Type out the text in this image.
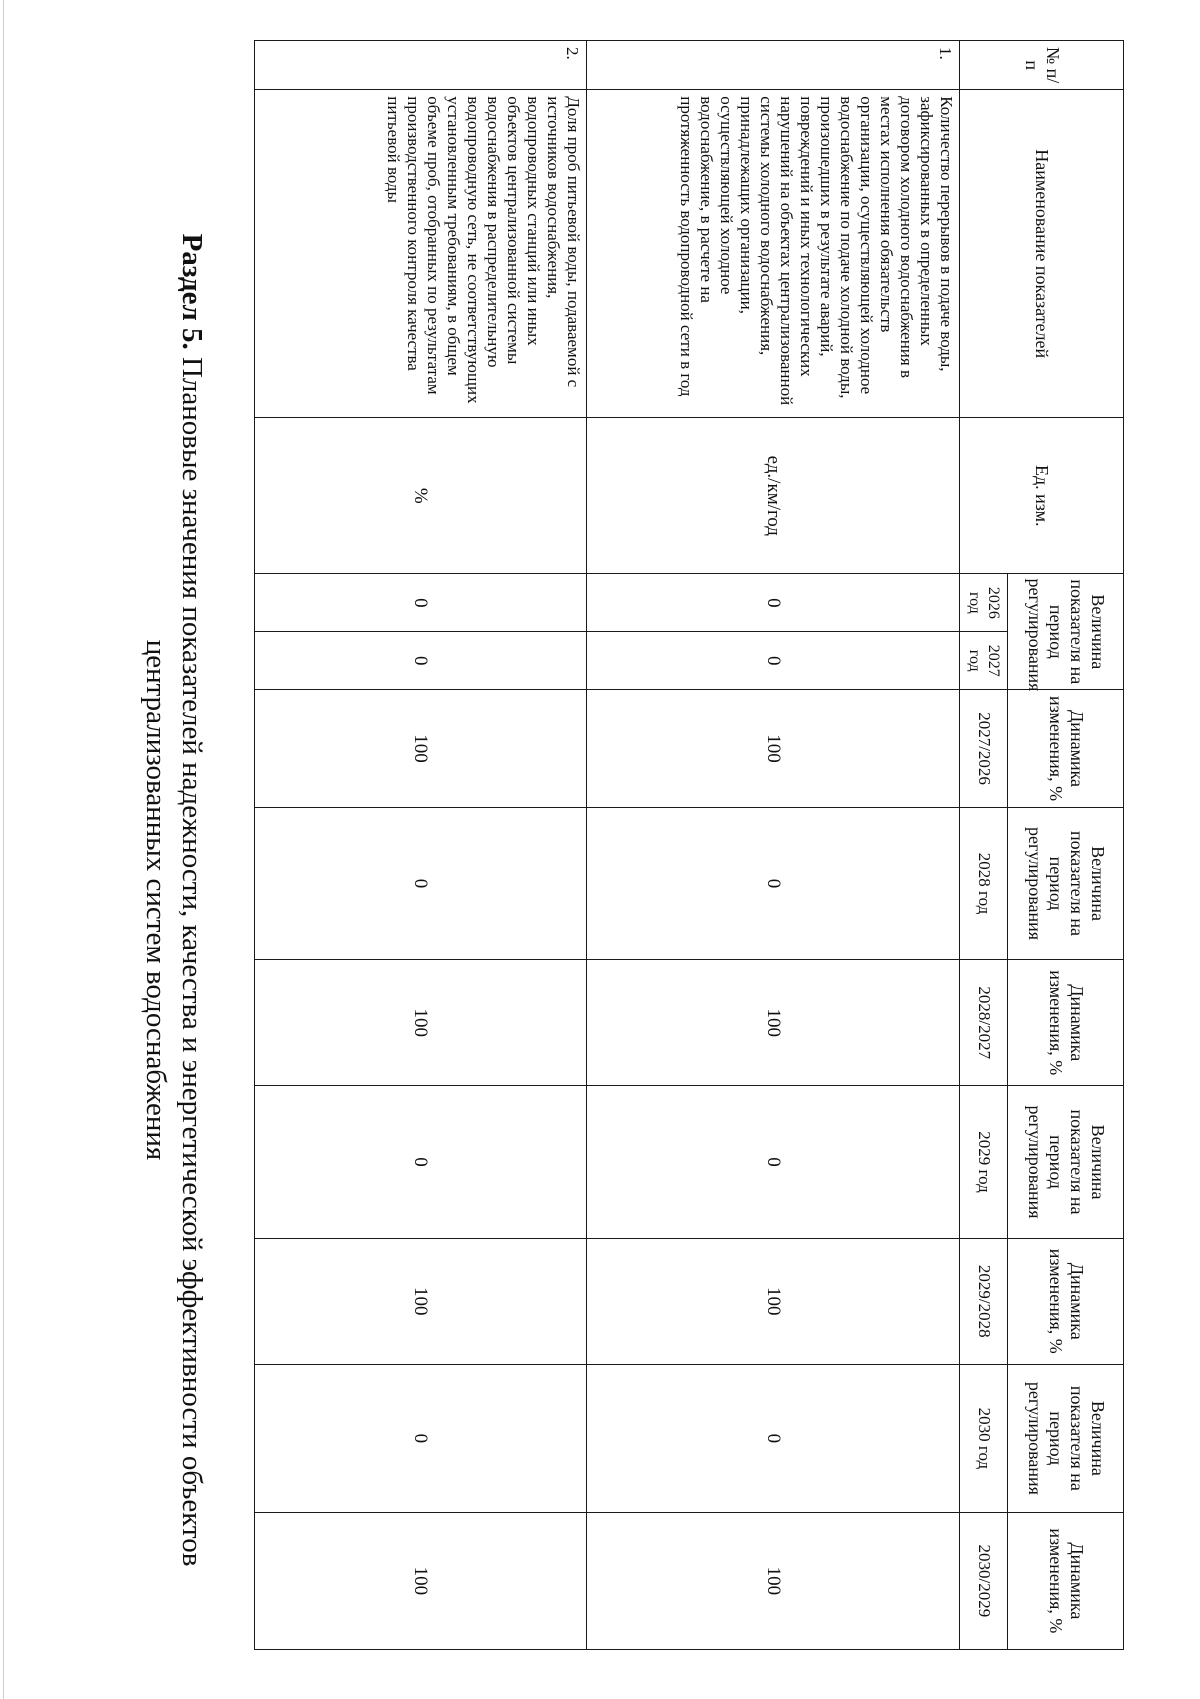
Раздел 5. Плановые значения показателей надежности, качества и энергетической эффективности объектов
централизованных систем водоснабжения
№ п/п	Наименование показателей	Ед. изм.	Величина показателя на период регулирования		Динамика изменения, %	Величина показателя на период регулирования	Динамика изменения, %	Величина показателя на период регулирования	Динамика изменения, %	Величина показателя на период регулирования	Динамика изменения, %
			2026 год	2027 год	2027/2026	2028 год	2028/2027	2029 год	2029/2028	2030 год	2030/2029
1.	Количество перерывов в подаче воды, зафиксированных в определенных договором холодного водоснабжения в местах исполнения обязательств организации, осуществляющей холодное водоснабжение по подаче холодной воды, произошедших в результате аварий, повреждений и иных технологических нарушений на объектах централизованной системы холодного водоснабжения, принадлежащих организации, осуществляющей холодное водоснабжение, в расчете на протяженность водопроводной сети в год	ед./км/год	0	0	100	0	100	0	100	0	100
2.	Доля проб питьевой воды, подаваемой с источников водоснабжения, водопроводных станций или иных объектов централизованной системы водоснабжения в распределительную водопроводную сеть, не соответствующих установленным требованиям, в общем объеме проб, отобранных по результатам производственного контроля качества питьевой воды	%	0	0	100	0	100	0	100	0	100
